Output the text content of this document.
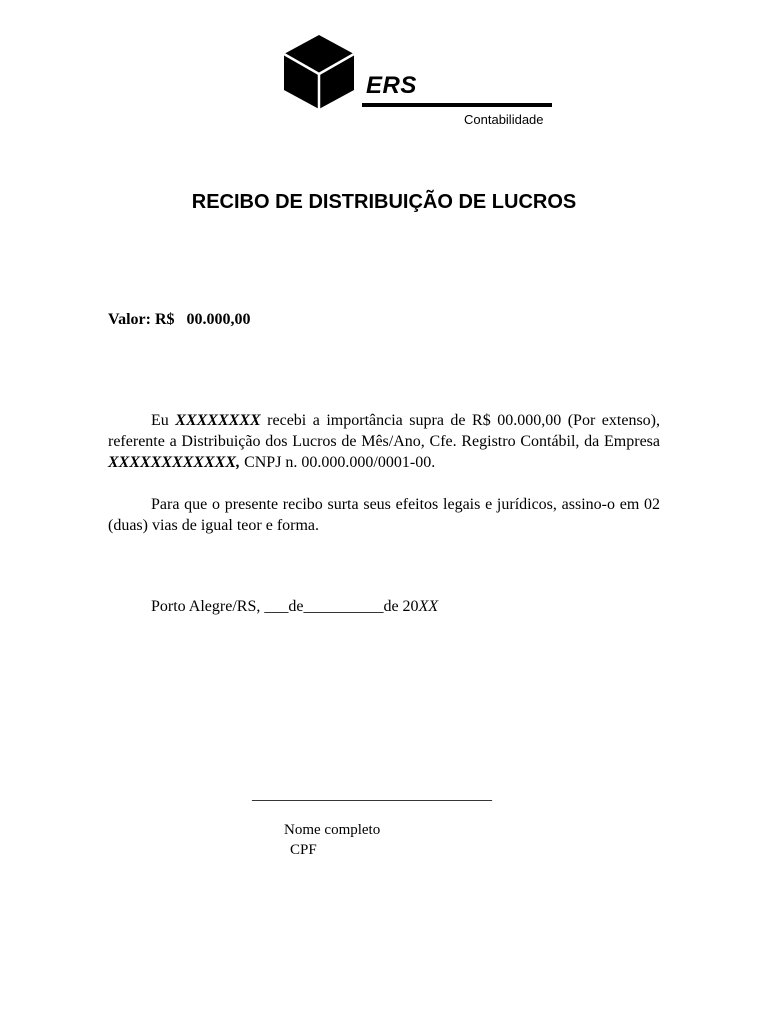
ERS
Contabilidade
RECIBO DE DISTRIBUIÇÃO DE LUCROS
Valor: R$ 00.000,00

Eu XXXXXXXX recebi a importância supra de R$ 00.000,00 (Por extenso), referente a Distribuição dos Lucros de Mês/Ano, Cfe. Registro Contábil, da Empresa XXXXXXXXXXXX, CNPJ n. 00.000.000/0001-00.

Para que o presente recibo surta seus efeitos legais e jurídicos, assino-o em 02 (duas) vias de igual teor e forma.

Porto Alegre/RS, ___de__________de 20XX
______________________________
Nome completo
CPF
